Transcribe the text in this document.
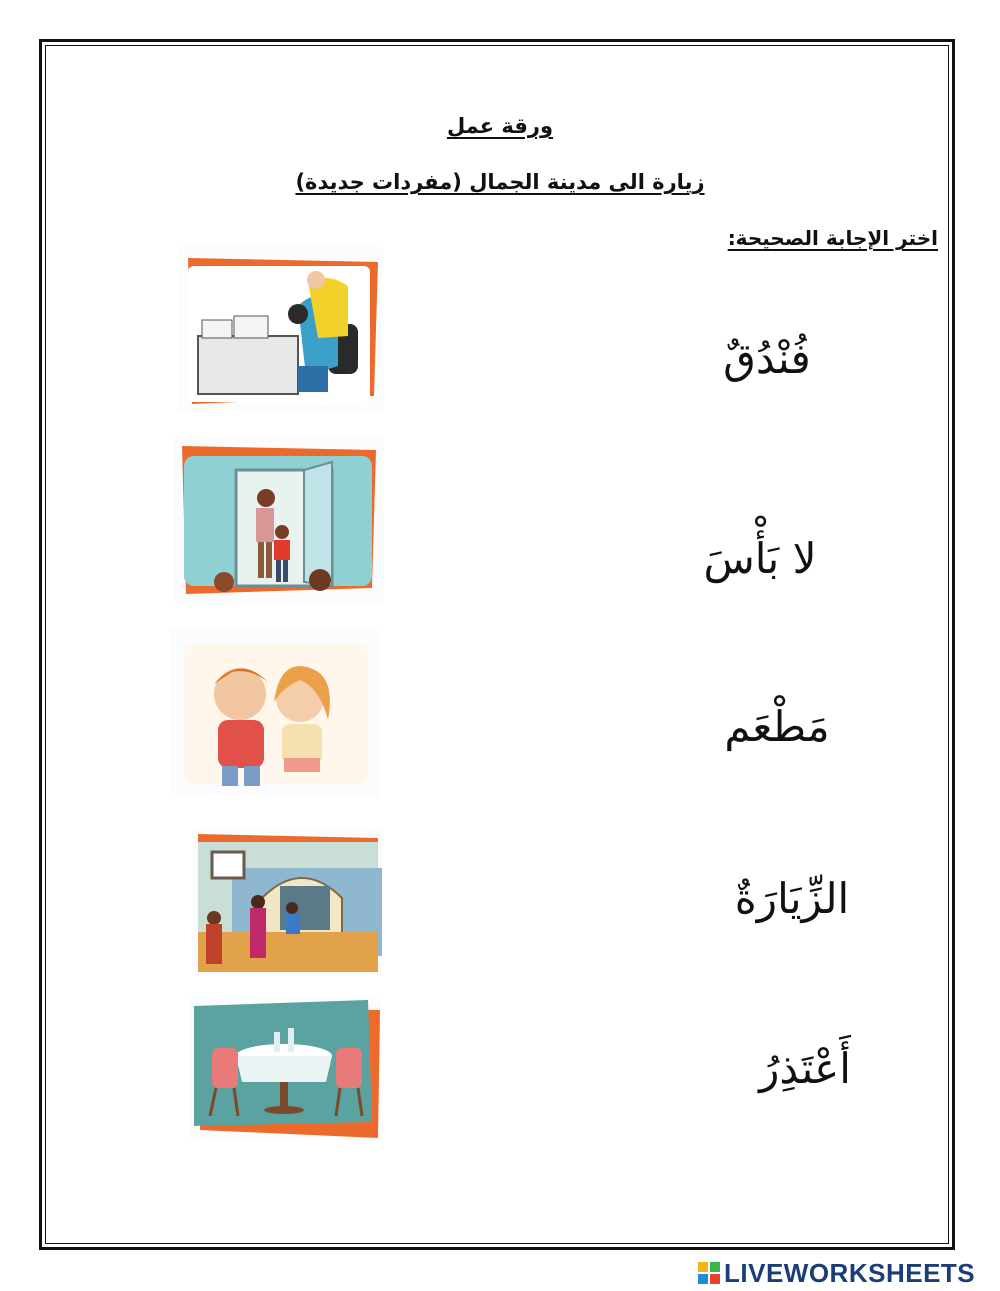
ورقة عمل
زيارة الى مدينة الجمال (مفردات جديدة)
اختر الإجابة الصحيحة:
فُنْدُقٌ
لا بَأْسَ
مَطْعَم
الزِّيَارَةٌ
أَعْتَذِرُ
LIVEWORKSHEETS
